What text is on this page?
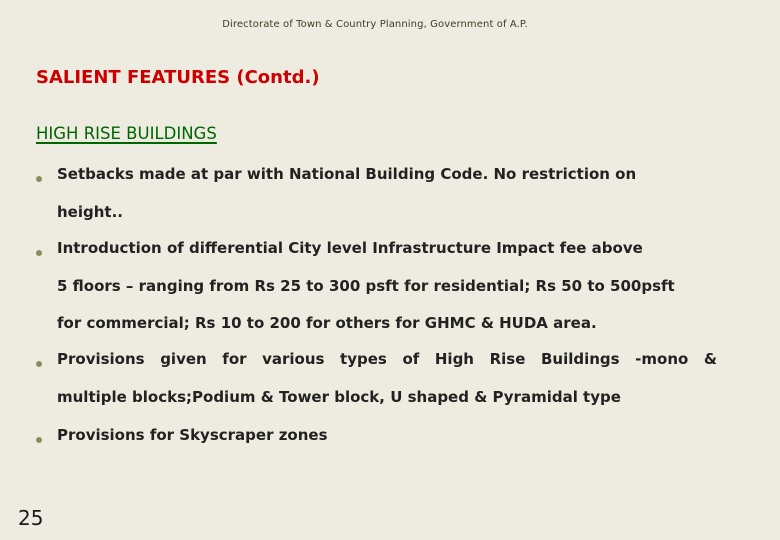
Directorate of Town & Country Planning, Government of A.P.
SALIENT FEATURES (Contd.)
HIGH RISE BUILDINGS
Setbacks made at par with National Building Code. No restriction on
height..
Introduction of differential City level Infrastructure Impact fee above
5 floors – ranging from Rs 25 to 300 psft for residential; Rs 50 to 500psft
for commercial; Rs 10 to 200 for others for GHMC & HUDA area.
Provisions given for various types of High Rise Buildings -mono &
multiple blocks;Podium & Tower block, U shaped & Pyramidal type
Provisions for Skyscraper zones
25
